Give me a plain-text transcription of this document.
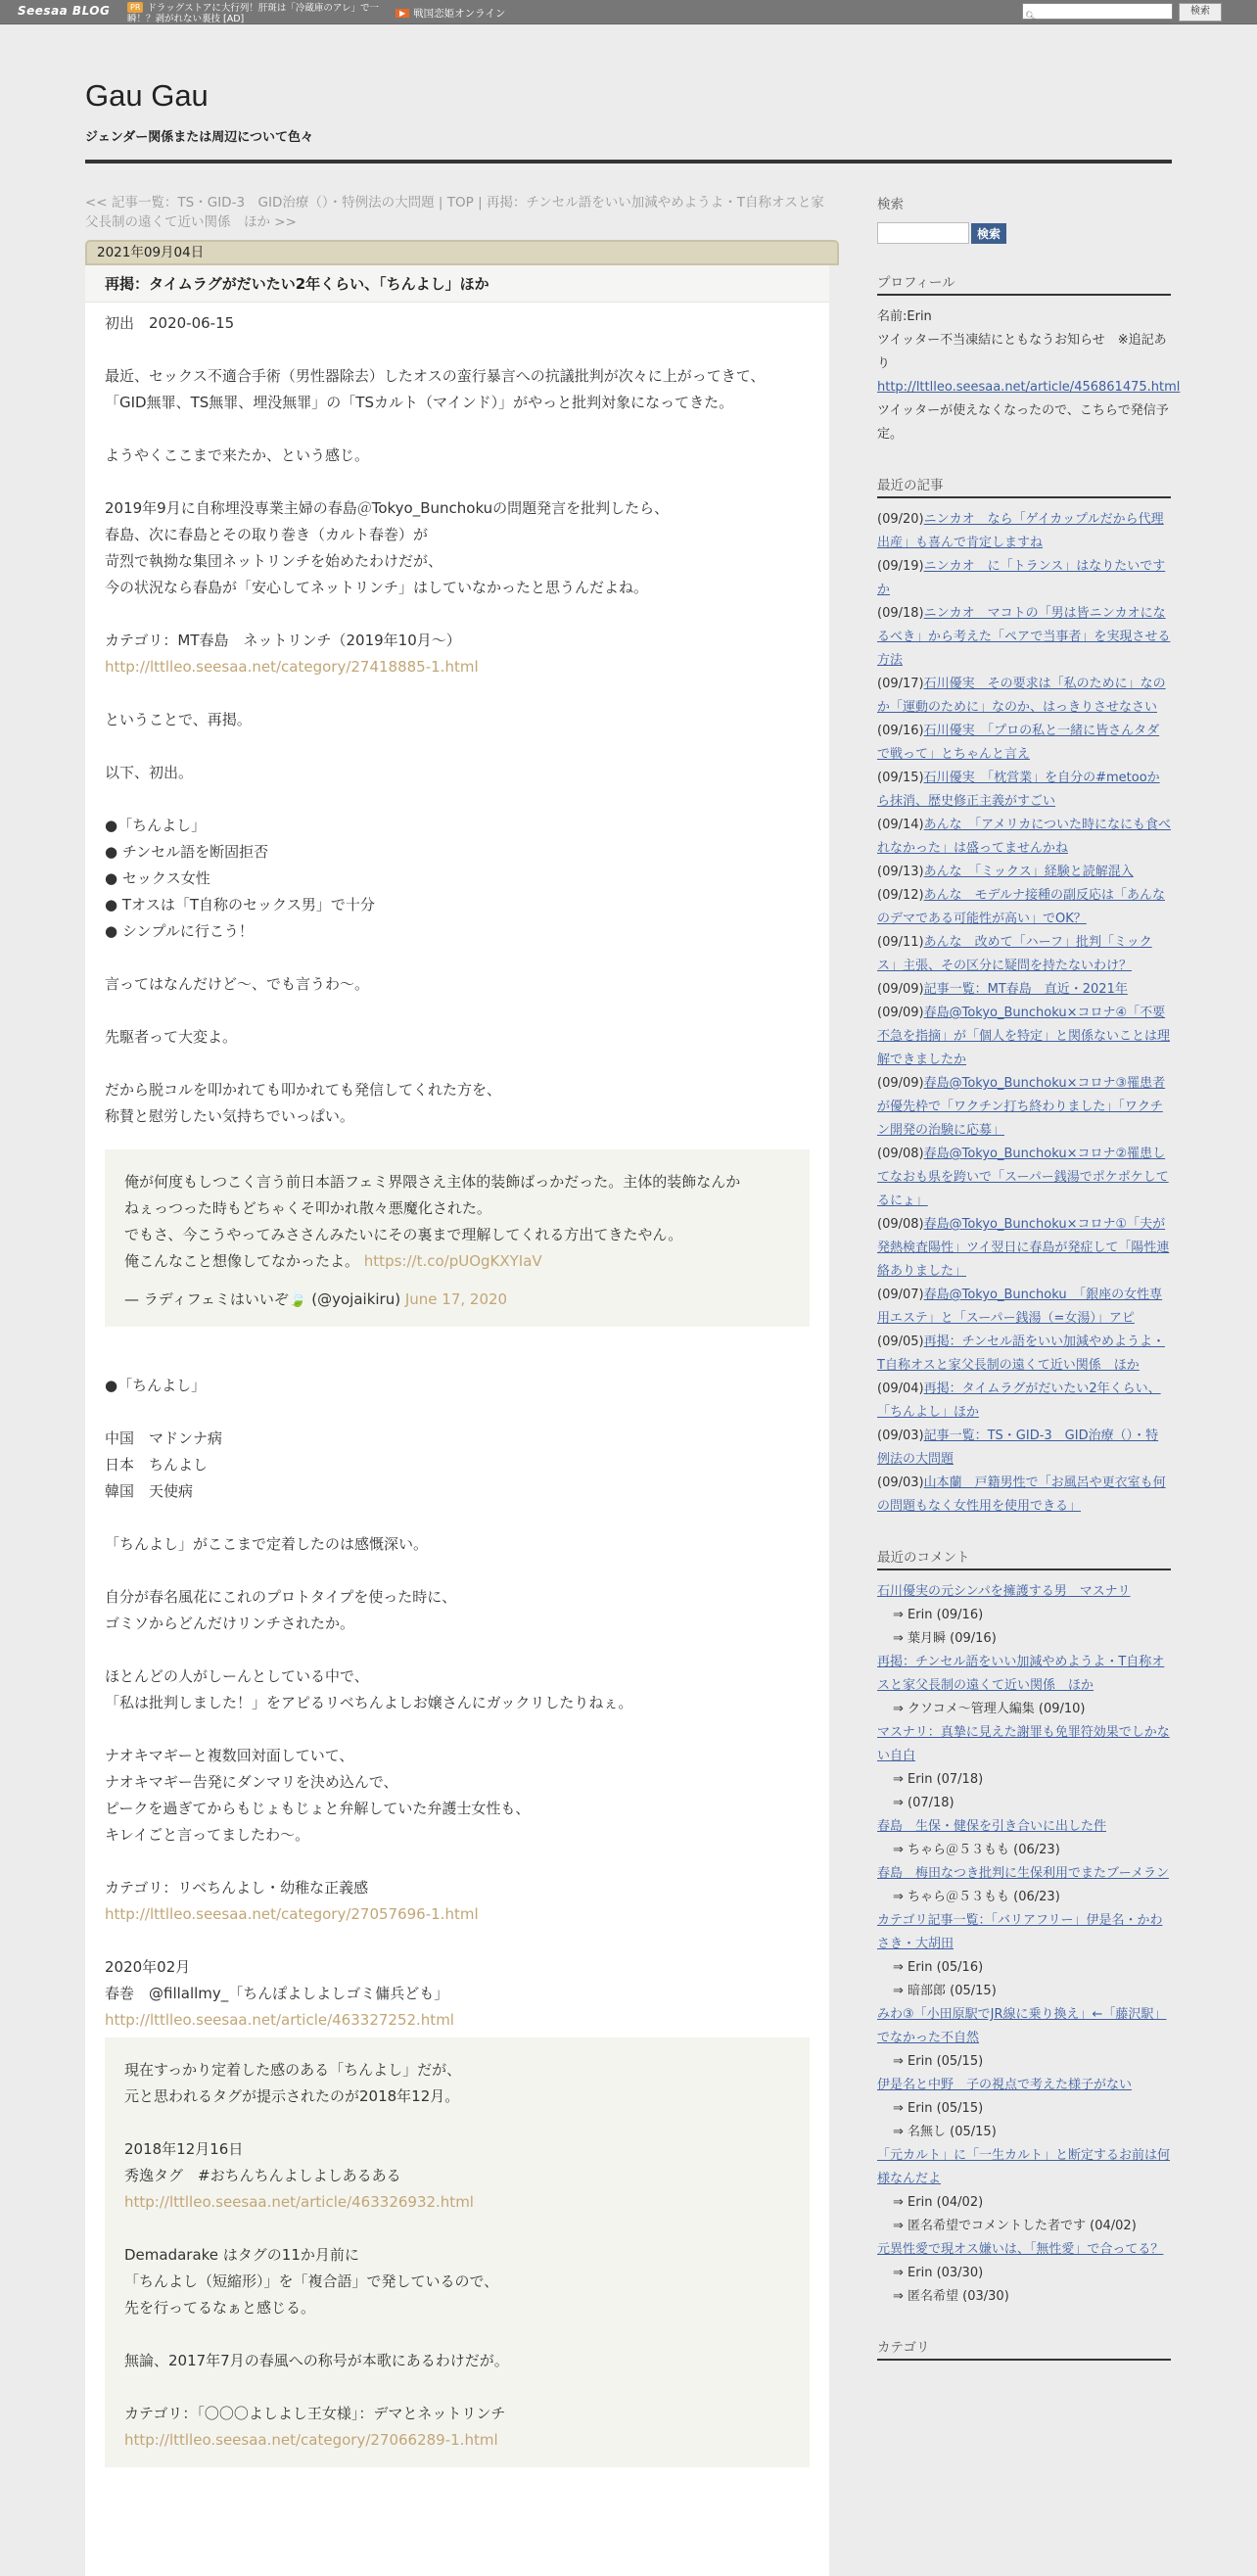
Seesaa BLOG	PR ドラッグストアに大行列！肝斑は「冷蔵庫のアレ」で一瞬！？剥がれない裏技 [AD]
▶ 戦国恋姫オンライン	🔍︎	検索
Gau Gau
ジェンダー関係または周辺について色々
<< 記事一覧：TS・GID-3　GID治療（）・特例法の大問題 | TOP | 再掲：チンセル語をいい加減やめようよ・T自称オスと家父長制の遠くて近い関係　ほか >>
2021年09月04日
再掲：タイムラグがだいたい2年くらい、「ちんよし」ほか

初出　2020-06-15

最近、セックス不適合手術（男性器除去）したオスの蛮行暴言への抗議批判が次々に上がってきて、

「GID無罪、TS無罪、埋没無罪」の「TSカルト（マインド）」がやっと批判対象になってきた。

ようやくここまで来たか、という感じ。

2019年9月に自称埋没専業主婦の春島＠Tokyo_Bunchokuの問題発言を批判したら、

春島、次に春島とその取り巻き（カルト春巻）が

苛烈で執拗な集団ネットリンチを始めたわけだが、

今の状況なら春島が「安心してネットリンチ」はしていなかったと思うんだよね。

カテゴリ：MT春島　ネットリンチ（2019年10月～）

http://lttlleo.seesaa.net/category/27418885-1.html

ということで、再掲。

以下、初出。

●「ちんよし」

● チンセル語を断固拒否

● セックス女性

● Tオスは「T自称のセックス男」で十分

● シンプルに行こう！

言ってはなんだけど～、でも言うわ～。

先駆者って大変よ。

だから脱コルを叩かれても叩かれても発信してくれた方を、

称賛と慰労したい気持ちでいっぱい。

俺が何度もしつこく言う前日本語フェミ界隈さえ主体的装飾ばっかだった。主体的装飾なんか

ねぇっつった時もどちゃくそ叩かれ散々悪魔化された。

でもさ、今こうやってみささんみたいにその裏まで理解してくれる方出てきたやん。

俺こんなこと想像してなかったよ。 https://t.co/pUOgKXYIaV

— ラディフェミはいいぞ🍃 (@yojaikiru) June 17, 2020

●「ちんよし」

中国　マドンナ病

日本　ちんよし

韓国　天使病

「ちんよし」がここまで定着したのは感慨深い。

自分が春名風花にこれのプロトタイプを使った時に、

ゴミソからどんだけリンチされたか。

ほとんどの人がしーんとしている中で、

「私は批判しました！」をアピるリベちんよしお嬢さんにガックリしたりねぇ。

ナオキマギーと複数回対面していて、

ナオキマギー告発にダンマリを決め込んで、

ピークを過ぎてからもじょもじょと弁解していた弁護士女性も、

キレイごと言ってましたわ～。

カテゴリ：リベちんよし・幼稚な正義感

http://lttlleo.seesaa.net/category/27057696-1.html

2020年02月

春巻　@fillallmy_「ちんぽよしよしゴミ傭兵ども」

http://lttlleo.seesaa.net/article/463327252.html

現在すっかり定着した感のある「ちんよし」だが、

元と思われるタグが提示されたのが2018年12月。

2018年12月16日

秀逸タグ　#おちんちんよしよしあるある

http://lttlleo.seesaa.net/article/463326932.html

Demadarake はタグの11か月前に

「ちんよし（短縮形）」を「複合語」で発しているので、

先を行ってるなぁと感じる。

無論、2017年7月の春風への称号が本歌にあるわけだが。

カテゴリ：「〇〇〇よしよし王女様」：デマとネットリンチ

http://lttlleo.seesaa.net/category/27066289-1.html
検索
検索
プロフィール
名前:Erin
ツイッター不当凍結にともなうお知らせ　※追記あり
http://lttlleo.seesaa.net/article/456861475.html
ツイッターが使えなくなったので、こちらで発信予定。
最近の記事
(09/20)ニンカオ　なら「ゲイカップルだから代理出産」も喜んで肯定しますね
(09/19)ニンカオ　に「トランス」はなりたいですか
(09/18)ニンカオ　マコトの「男は皆ニンカオになるべき」から考えた「ペアで当事者」を実現させる方法
(09/17)石川優実　その要求は「私のために」なのか「運動のために」なのか、はっきりさせなさい
(09/16)石川優実　「プロの私と一緒に皆さんタダで戦って」とちゃんと言え
(09/15)石川優実　「枕営業」を自分の#metooから抹消、歴史修正主義がすごい
(09/14)あんな　「アメリカについた時になにも食べれなかった」は盛ってませんかね
(09/13)あんな　「ミックス」経験と読解混入
(09/12)あんな　モデルナ接種の副反応は「あんなのデマである可能性が高い」でOK？
(09/11)あんな　改めて「ハーフ」批判「ミックス」主張、その区分に疑問を持たないわけ？
(09/09)記事一覧：MT春島　直近・2021年
(09/09)春島@Tokyo_Bunchoku×コロナ④「不要不急を指摘」が「個人を特定」と関係ないことは理解できましたか
(09/09)春島@Tokyo_Bunchoku×コロナ③罹患者が優先枠で「ワクチン打ち終わりました」「ワクチン開発の治験に応募」
(09/08)春島@Tokyo_Bunchoku×コロナ②罹患してなおも県を跨いで「スーパー銭湯でポケポケしてるにょ」
(09/08)春島@Tokyo_Bunchoku×コロナ①「夫が発熱検査陽性」ツイ翌日に春島が発症して「陽性連絡ありました」
(09/07)春島@Tokyo_Bunchoku　「銀座の女性専用エステ」と「スーパー銭湯（=女湯）」アピ
(09/05)再掲：チンセル語をいい加減やめようよ・T自称オスと家父長制の遠くて近い関係　ほか
(09/04)再掲：タイムラグがだいたい2年くらい、「ちんよし」ほか
(09/03)記事一覧：TS・GID-3　GID治療（）・特例法の大問題
(09/03)山本蘭　戸籍男性で「お風呂や更衣室も何の問題もなく女性用を使用できる」
最近のコメント
石川優実の元シンパを擁護する男　マスナリ
⇒ Erin (09/16)
⇒ 葉月瞬 (09/16)
再掲：チンセル語をいい加減やめようよ・T自称オスと家父長制の遠くて近い関係　ほか
⇒ クソコメ～管理人編集 (09/10)
マスナリ：真摯に見えた謝罪も免罪符効果でしかない自白
⇒ Erin (07/18)
⇒ (07/18)
春島　生保・健保を引き合いに出した件
⇒ ちゃら＠５３もも (06/23)
春島　梅田なつき批判に生保利用でまたブーメラン
⇒ ちゃら＠５３もも (06/23)
カテゴリ記事一覧：「バリアフリー」伊是名・かわさき・大胡田
⇒ Erin (05/16)
⇒ 暗部郎 (05/15)
みわ③「小田原駅でJR線に乗り換え」←「藤沢駅」でなかった不自然
⇒ Erin (05/15)
伊是名と中野　子の視点で考えた様子がない
⇒ Erin (05/15)
⇒ 名無し (05/15)
「元カルト」に「一生カルト」と断定するお前は何様なんだよ
⇒ Erin (04/02)
⇒ 匿名希望でコメントした者です (04/02)
元異性愛で現オス嫌いは、「無性愛」で合ってる？
⇒ Erin (03/30)
⇒ 匿名希望 (03/30)
カテゴリ
